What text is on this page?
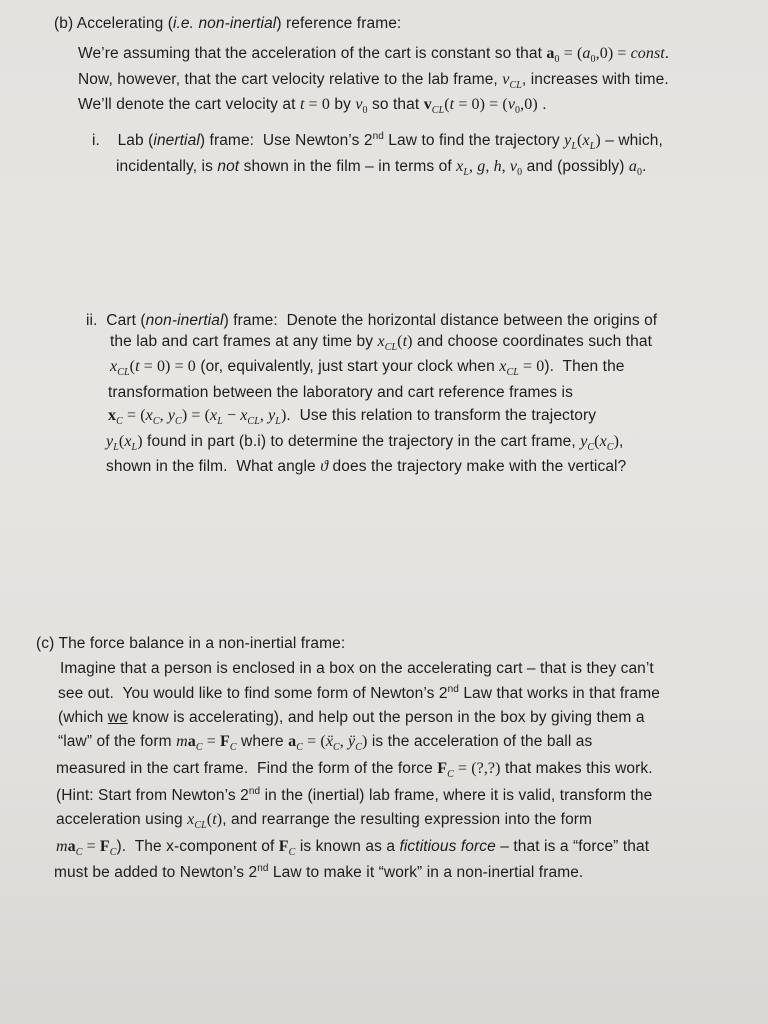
(b) Accelerating (i.e. non-inertial) reference frame:
We’re assuming that the acceleration of the cart is constant so that $a_0 = (a_0,0)$ = const.
Now, however, that the cart velocity relative to the lab frame, $v_{CL}$, increases with time.
We’ll denote the cart velocity at t = 0 by $v_0$ so that $v_{CL}(t = 0) = (v_0,0)$ .
i.    Lab (inertial) frame:  Use Newton’s 2nd Law to find the trajectory $y_L(x_L)$ – which,
incidentally, is not shown in the film – in terms of $x_L$, g, h, $v_0$ and (possibly) $a_0$.
ii.  Cart (non-inertial) frame:  Denote the horizontal distance between the origins of
the lab and cart frames at any time by $x_{CL}(t)$ and choose coordinates such that
$x_{CL}(t = 0) = 0$ (or, equivalently, just start your clock when $x_{CL} = 0$).  Then the
transformation between the laboratory and cart reference frames is
$x_C = (x_C$, $y_C) = (x_L - x_{CL}$, $y_L$).  Use this relation to transform the trajectory
$y_L(x_L)$ found in part (b.i) to determine the trajectory in the cart frame, $y_C(x_C)$,
shown in the film.  What angle ϑ does the trajectory make with the vertical?
(c) The force balance in a non-inertial frame:
Imagine that a person is enclosed in a box on the accelerating cart – that is they can’t
see out.  You would like to find some form of Newton’s 2nd Law that works in that frame
(which we know is accelerating), and help out the person in the box by giving them a
“law” of the form $ma_C = F_C$ where $a_C$ = (ẍ$_C$, $ÿ_C$) is the acceleration of the ball as
measured in the cart frame.  Find the form of the force $F_C$ = (?,?) that makes this work.
(Hint: Start from Newton’s 2nd in the (inertial) lab frame, where it is valid, transform the
acceleration using $x_{CL}(t)$, and rearrange the resulting expression into the form
$ma_C = F_C$).  The x-component of $F_C$ is known as a fictitious force – that is a “force” that
must be added to Newton’s 2nd Law to make it “work” in a non-inertial frame.
